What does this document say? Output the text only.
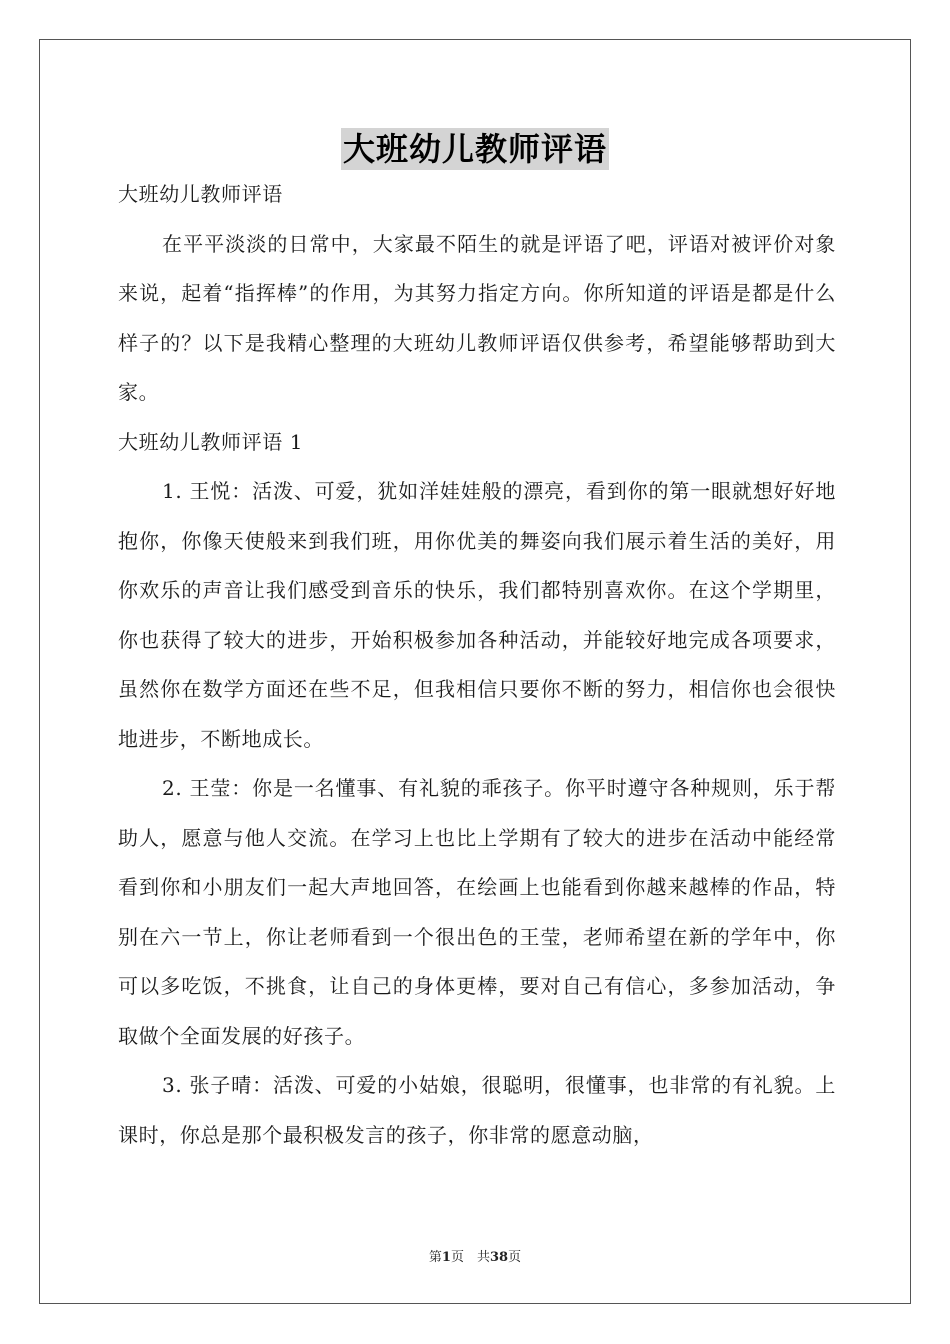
大班幼儿教师评语

大班幼儿教师评语

在平平淡淡的日常中，大家最不陌生的就是评语了吧，评语对被评价对象来说，起着“指挥棒”的作用，为其努力指定方向。你所知道的评语是都是什么样子的？以下是我精心整理的大班幼儿教师评语仅供参考，希望能够帮助到大家。

大班幼儿教师评语 1

1. 王悦：活泼、可爱，犹如洋娃娃般的漂亮，看到你的第一眼就想好好地抱你，你像天使般来到我们班，用你优美的舞姿向我们展示着生活的美好，用你欢乐的声音让我们感受到音乐的快乐，我们都特别喜欢你。在这个学期里，你也获得了较大的进步，开始积极参加各种活动，并能较好地完成各项要求，虽然你在数学方面还在些不足，但我相信只要你不断的努力，相信你也会很快地进步，不断地成长。

2. 王莹：你是一名懂事、有礼貌的乖孩子。你平时遵守各种规则，乐于帮助人，愿意与他人交流。在学习上也比上学期有了较大的进步在活动中能经常看到你和小朋友们一起大声地回答，在绘画上也能看到你越来越棒的作品，特别在六一节上，你让老师看到一个很出色的王莹，老师希望在新的学年中，你可以多吃饭，不挑食，让自己的身体更棒，要对自己有信心，多参加活动，争取做个全面发展的好孩子。

3. 张子晴：活泼、可爱的小姑娘，很聪明，很懂事，也非常的有礼貌。上课时，你总是那个最积极发言的孩子，你非常的愿意动脑，

第1页　共38页
